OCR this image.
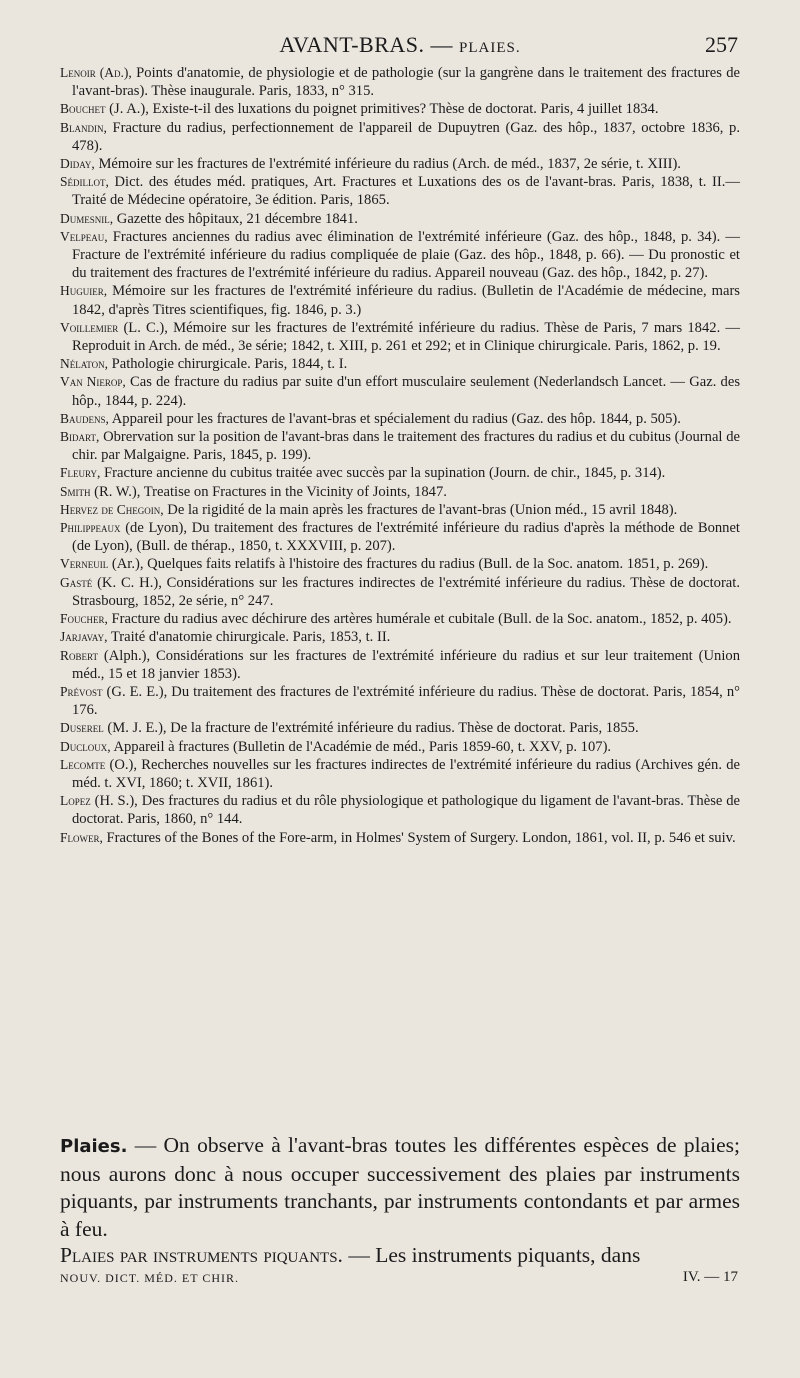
AVANT-BRAS. — PLAIES.	257

Lenoir (Ad.), Points d'anatomie, de physiologie et de pathologie (sur la gangrène dans le traitement des fractures de l'avant-bras). Thèse inaugurale. Paris, 1833, n° 315.

Bouchet (J. A.), Existe-t-il des luxations du poignet primitives? Thèse de doctorat. Paris, 4 juillet 1834.

Blandin, Fracture du radius, perfectionnement de l'appareil de Dupuytren (Gaz. des hôp., 1837, octobre 1836, p. 478).

Diday, Mémoire sur les fractures de l'extrémité inférieure du radius (Arch. de méd., 1837, 2e série, t. XIII).

Sédillot, Dict. des études méd. pratiques, Art. Fractures et Luxations des os de l'avant-bras. Paris, 1838, t. II.— Traité de Médecine opératoire, 3e édition. Paris, 1865.

Dumesnil, Gazette des hôpitaux, 21 décembre 1841.

Velpeau, Fractures anciennes du radius avec élimination de l'extrémité inférieure (Gaz. des hôp., 1848, p. 34). — Fracture de l'extrémité inférieure du radius compliquée de plaie (Gaz. des hôp., 1848, p. 66). — Du pronostic et du traitement des fractures de l'extrémité inférieure du radius. Appareil nouveau (Gaz. des hôp., 1842, p. 27).

Huguier, Mémoire sur les fractures de l'extrémité inférieure du radius. (Bulletin de l'Académie de médecine, mars 1842, d'après Titres scientifiques, fig. 1846, p. 3.)

Voillemier (L. C.), Mémoire sur les fractures de l'extrémité inférieure du radius. Thèse de Paris, 7 mars 1842. — Reproduit in Arch. de méd., 3e série; 1842, t. XIII, p. 261 et 292; et in Clinique chirurgicale. Paris, 1862, p. 19.

Nélaton, Pathologie chirurgicale. Paris, 1844, t. I.

Van Nierop, Cas de fracture du radius par suite d'un effort musculaire seulement (Nederlandsch Lancet. — Gaz. des hôp., 1844, p. 224).

Baudens, Appareil pour les fractures de l'avant-bras et spécialement du radius (Gaz. des hôp. 1844, p. 505).

Bidart, Obrervation sur la position de l'avant-bras dans le traitement des fractures du radius et du cubitus (Journal de chir. par Malgaigne. Paris, 1845, p. 199).

Fleury, Fracture ancienne du cubitus traitée avec succès par la supination (Journ. de chir., 1845, p. 314).

Smith (R. W.), Treatise on Fractures in the Vicinity of Joints, 1847.

Hervez de Chegoin, De la rigidité de la main après les fractures de l'avant-bras (Union méd., 15 avril 1848).

Philippeaux (de Lyon), Du traitement des fractures de l'extrémité inférieure du radius d'après la méthode de Bonnet (de Lyon), (Bull. de thérap., 1850, t. XXXVIII, p. 207).

Verneuil (Ar.), Quelques faits relatifs à l'histoire des fractures du radius (Bull. de la Soc. anatom. 1851, p. 269).

Gasté (K. C. H.), Considérations sur les fractures indirectes de l'extrémité inférieure du radius. Thèse de doctorat. Strasbourg, 1852, 2e série, n° 247.

Foucher, Fracture du radius avec déchirure des artères humérale et cubitale (Bull. de la Soc. anatom., 1852, p. 405).

Jarjavay, Traité d'anatomie chirurgicale. Paris, 1853, t. II.

Robert (Alph.), Considérations sur les fractures de l'extrémité inférieure du radius et sur leur traitement (Union méd., 15 et 18 janvier 1853).

Prévost (G. E. E.), Du traitement des fractures de l'extrémité inférieure du radius. Thèse de doctorat. Paris, 1854, n° 176.

Duserel (M. J. E.), De la fracture de l'extrémité inférieure du radius. Thèse de doctorat. Paris, 1855.

Ducloux, Appareil à fractures (Bulletin de l'Académie de méd., Paris 1859-60, t. XXV, p. 107).

Lecomte (O.), Recherches nouvelles sur les fractures indirectes de l'extrémité inférieure du radius (Archives gén. de méd. t. XVI, 1860; t. XVII, 1861).

Lopez (H. S.), Des fractures du radius et du rôle physiologique et pathologique du ligament de l'avant-bras. Thèse de doctorat. Paris, 1860, n° 144.

Flower, Fractures of the Bones of the Fore-arm, in Holmes' System of Surgery. London, 1861, vol. II, p. 546 et suiv.

Plaies. — On observe à l'avant-bras toutes les différentes espèces de plaies; nous aurons donc à nous occuper successivement des plaies par instruments piquants, par instruments tranchants, par instruments contondants et par armes à feu.

Plaies par instruments piquants. — Les instruments piquants, dans

NOUV. DICT. MÉD. ET CHIR.	IV. — 17
